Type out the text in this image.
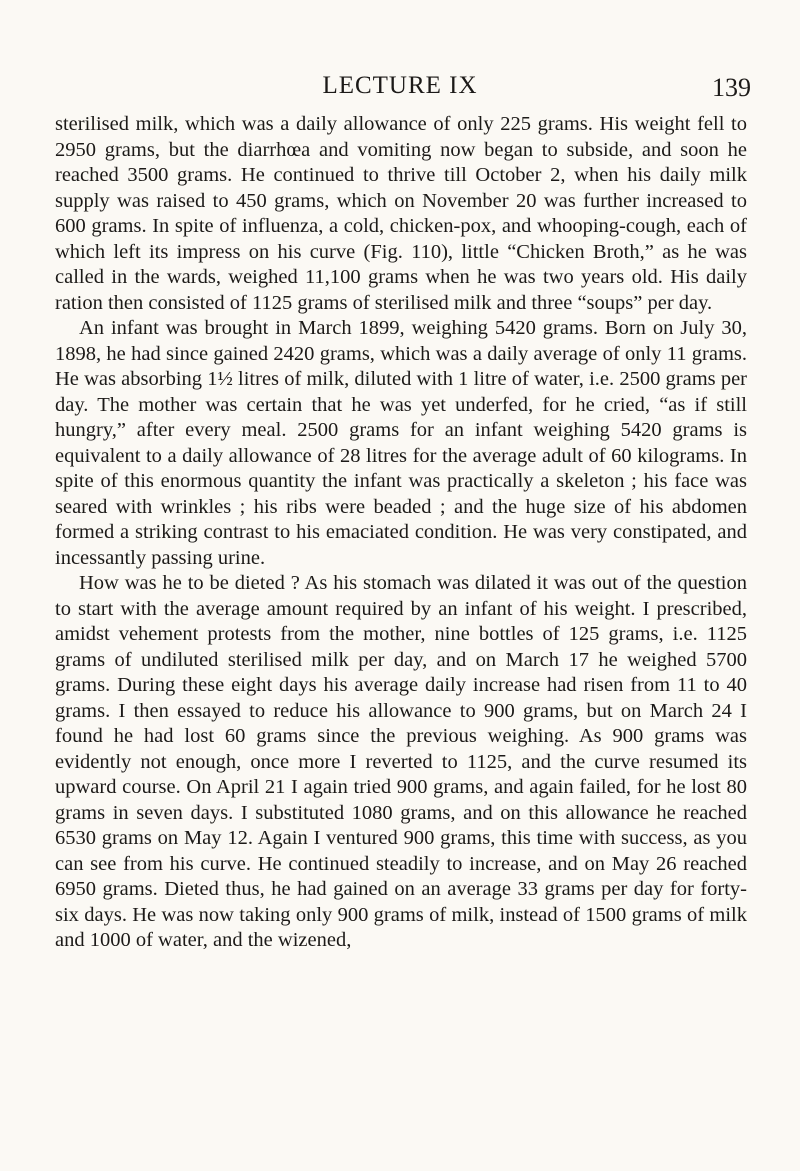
LECTURE IX	139

sterilised milk, which was a daily allowance of only 225 grams. His weight fell to 2950 grams, but the diarrhœa and vomiting now began to subside, and soon he reached 3500 grams. He continued to thrive till October 2, when his daily milk supply was raised to 450 grams, which on November 20 was further increased to 600 grams. In spite of influenza, a cold, chicken-pox, and whooping-cough, each of which left its impress on his curve (Fig. 110), little “Chicken Broth,” as he was called in the wards, weighed 11,100 grams when he was two years old. His daily ration then consisted of 1125 grams of sterilised milk and three “soups” per day.

An infant was brought in March 1899, weighing 5420 grams. Born on July 30, 1898, he had since gained 2420 grams, which was a daily average of only 11 grams. He was absorbing 1½ litres of milk, diluted with 1 litre of water, i.e. 2500 grams per day. The mother was certain that he was yet underfed, for he cried, “as if still hungry,” after every meal. 2500 grams for an infant weighing 5420 grams is equivalent to a daily allowance of 28 litres for the average adult of 60 kilograms. In spite of this enormous quantity the infant was practically a skeleton ; his face was seared with wrinkles ; his ribs were beaded ; and the huge size of his abdomen formed a striking contrast to his emaciated condition. He was very constipated, and incessantly passing urine.

How was he to be dieted ? As his stomach was dilated it was out of the question to start with the average amount required by an infant of his weight. I prescribed, amidst vehement protests from the mother, nine bottles of 125 grams, i.e. 1125 grams of undiluted sterilised milk per day, and on March 17 he weighed 5700 grams. During these eight days his average daily increase had risen from 11 to 40 grams. I then essayed to reduce his allowance to 900 grams, but on March 24 I found he had lost 60 grams since the previous weighing. As 900 grams was evidently not enough, once more I reverted to 1125, and the curve resumed its upward course. On April 21 I again tried 900 grams, and again failed, for he lost 80 grams in seven days. I substituted 1080 grams, and on this allowance he reached 6530 grams on May 12. Again I ventured 900 grams, this time with success, as you can see from his curve. He continued steadily to increase, and on May 26 reached 6950 grams. Dieted thus, he had gained on an average 33 grams per day for forty-six days. He was now taking only 900 grams of milk, instead of 1500 grams of milk and 1000 of water, and the wizened,
